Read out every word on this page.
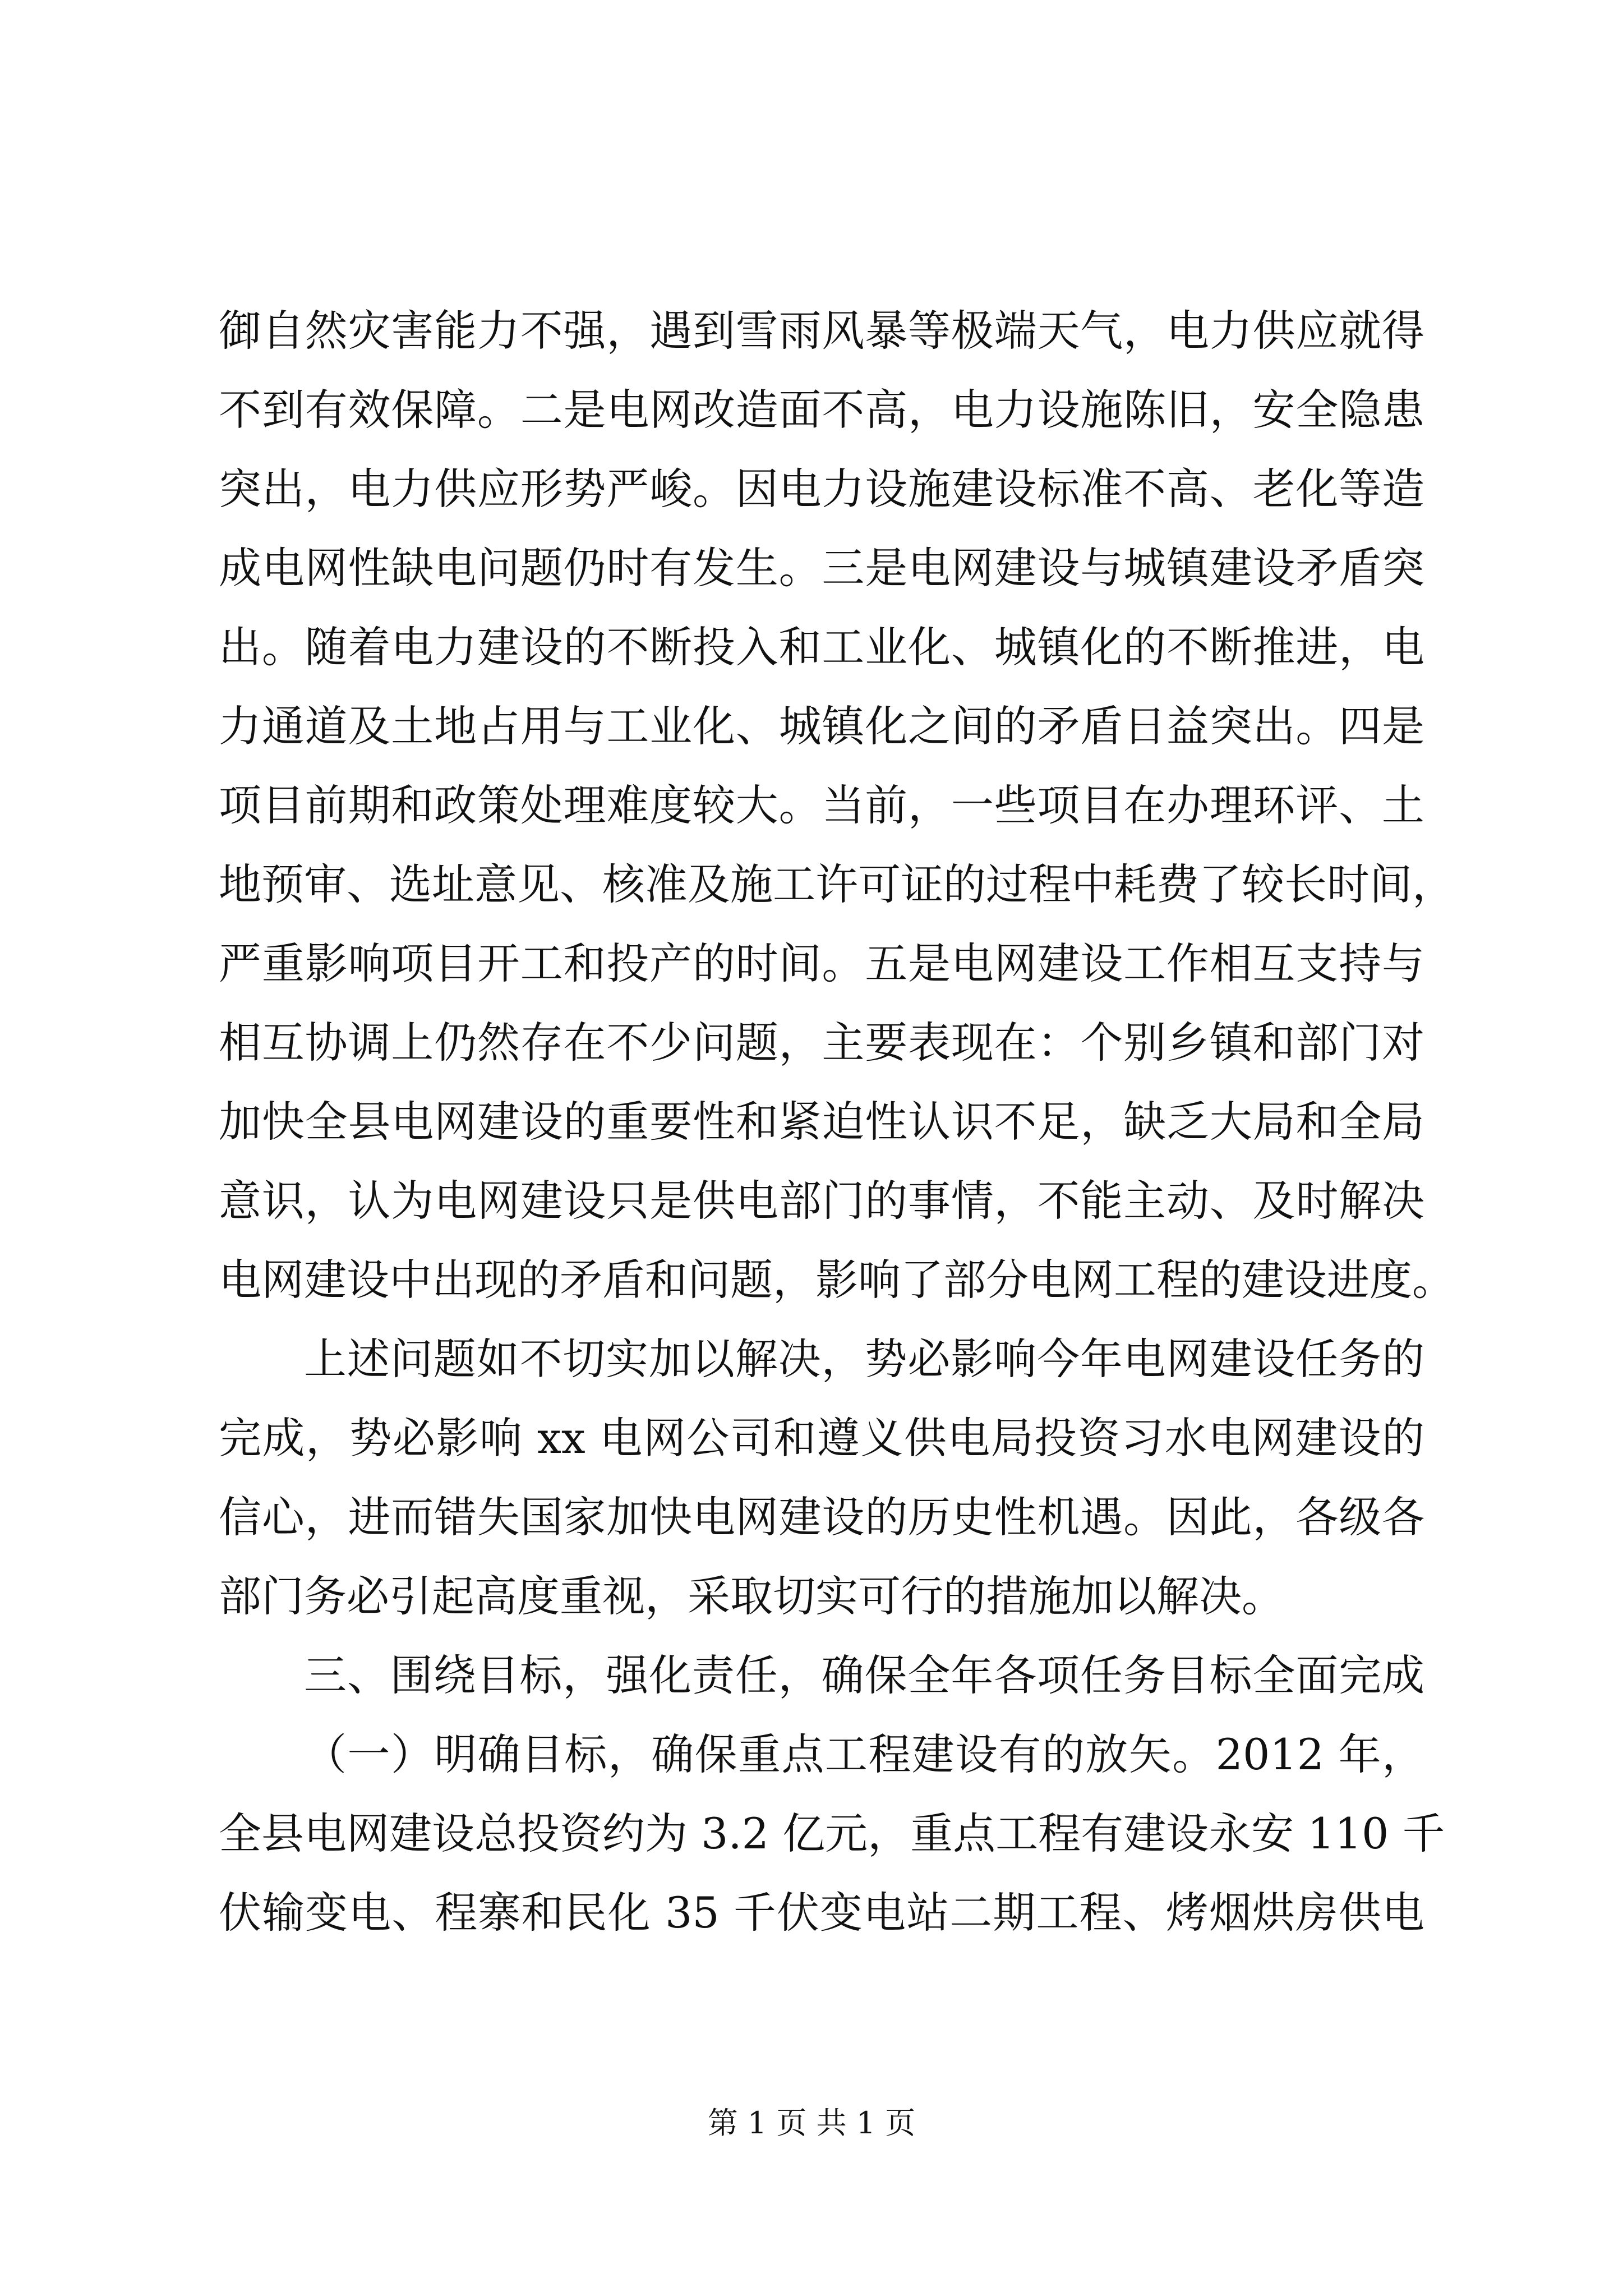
御自然灾害能力不强，遇到雪雨风暴等极端天气，电力供应就得
不到有效保障。二是电网改造面不高，电力设施陈旧，安全隐患
突出，电力供应形势严峻。因电力设施建设标准不高、老化等造
成电网性缺电问题仍时有发生。三是电网建设与城镇建设矛盾突
出。随着电力建设的不断投入和工业化、城镇化的不断推进，电
力通道及土地占用与工业化、城镇化之间的矛盾日益突出。四是
项目前期和政策处理难度较大。当前，一些项目在办理环评、土
地预审、选址意见、核准及施工许可证的过程中耗费了较长时间，
严重影响项目开工和投产的时间。五是电网建设工作相互支持与
相互协调上仍然存在不少问题，主要表现在：个别乡镇和部门对
加快全县电网建设的重要性和紧迫性认识不足，缺乏大局和全局
意识，认为电网建设只是供电部门的事情，不能主动、及时解决
电网建设中出现的矛盾和问题，影响了部分电网工程的建设进度。
上述问题如不切实加以解决，势必影响今年电网建设任务的
完成，势必影响 xx 电网公司和遵义供电局投资习水电网建设的
信心，进而错失国家加快电网建设的历史性机遇。因此，各级各
部门务必引起高度重视，采取切实可行的措施加以解决。
三、围绕目标，强化责任，确保全年各项任务目标全面完成
（一）明确目标，确保重点工程建设有的放矢。2012 年，
全县电网建设总投资约为 3.2 亿元，重点工程有建设永安 110 千
伏输变电、程寨和民化 35 千伏变电站二期工程、烤烟烘房供电
第 1 页 共 1 页
